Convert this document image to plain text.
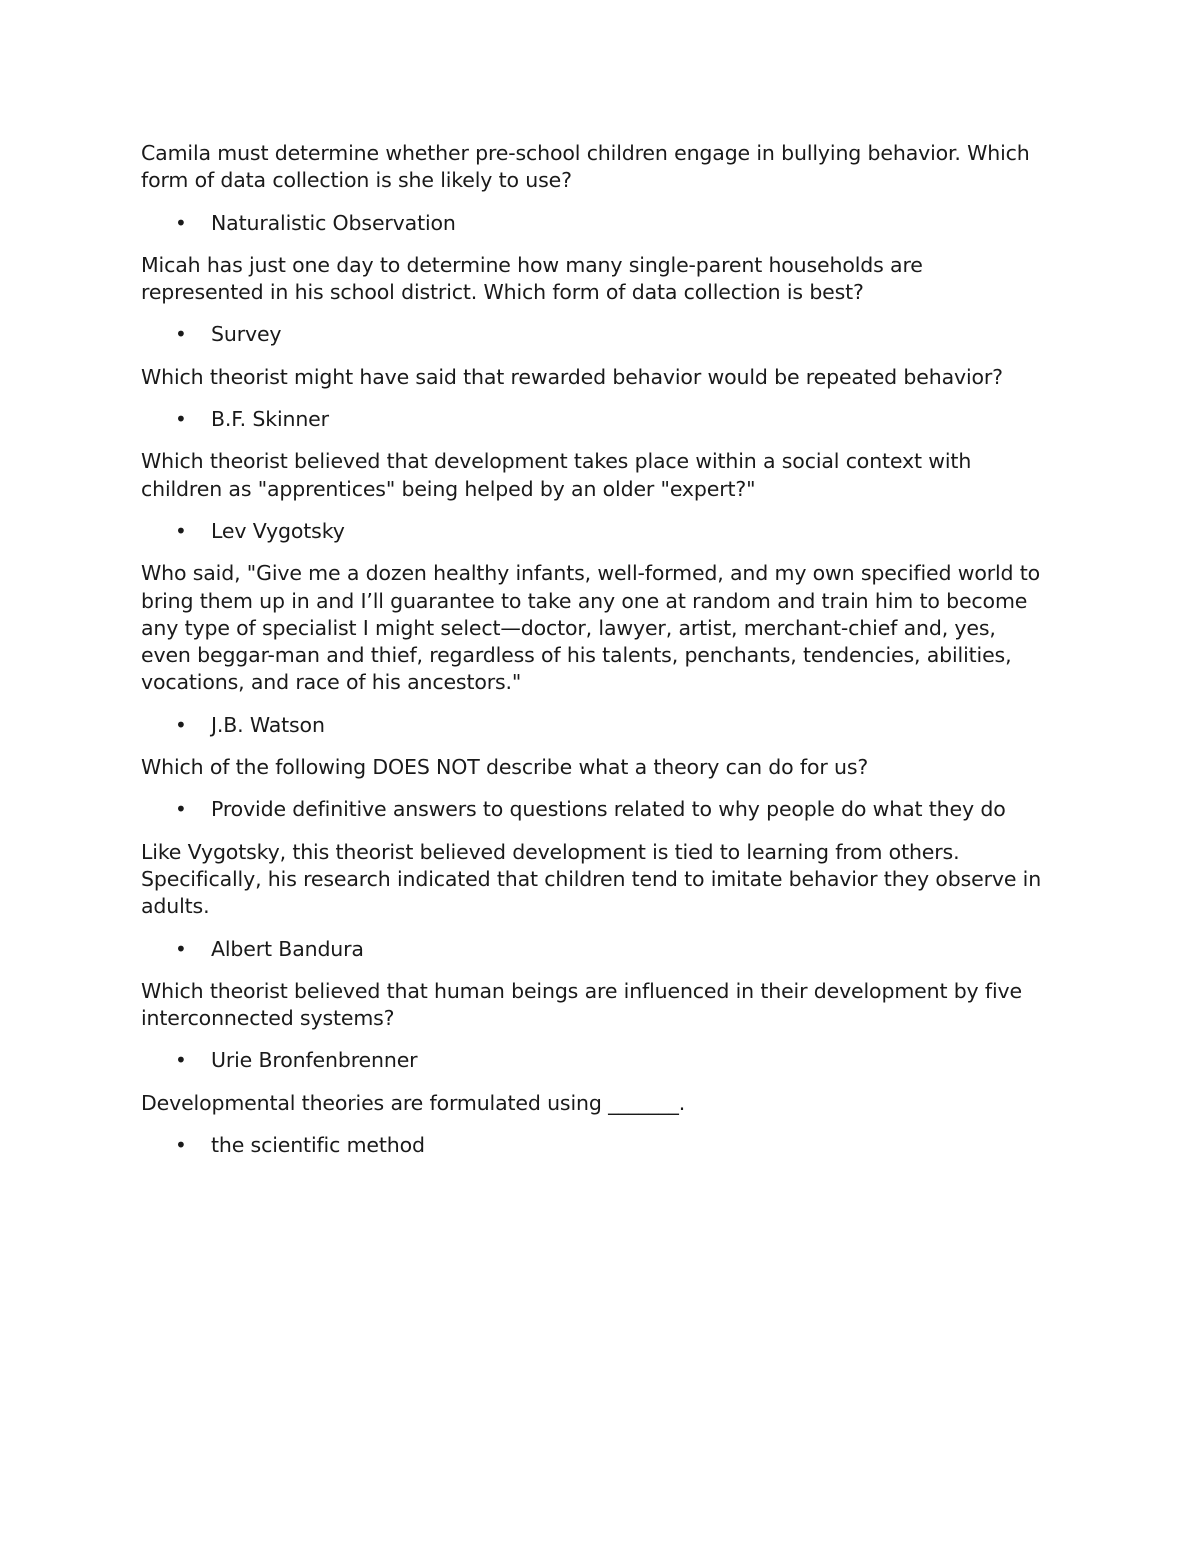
Camila must determine whether pre-school children engage in bullying behavior. Which form of data collection is she likely to use?

•	Naturalistic Observation

Micah has just one day to determine how many single-parent households are represented in his school district. Which form of data collection is best?

•	Survey

Which theorist might have said that rewarded behavior would be repeated behavior?

•	B.F. Skinner

Which theorist believed that development takes place within a social context with children as "apprentices" being helped by an older "expert?"

•	Lev Vygotsky

Who said, "Give me a dozen healthy infants, well-formed, and my own specified world to bring them up in and I’ll guarantee to take any one at random and train him to become any type of specialist I might select—doctor, lawyer, artist, merchant-chief and, yes, even beggar-man and thief, regardless of his talents, penchants, tendencies, abilities, vocations, and race of his ancestors."

•	J.B. Watson

Which of the following DOES NOT describe what a theory can do for us?

•	Provide definitive answers to questions related to why people do what they do

Like Vygotsky, this theorist believed development is tied to learning from others. Specifically, his research indicated that children tend to imitate behavior they observe in adults.

•	Albert Bandura

Which theorist believed that human beings are influenced in their development by five interconnected systems?

•	Urie Bronfenbrenner

Developmental theories are formulated using _______.

•	the scientific method
